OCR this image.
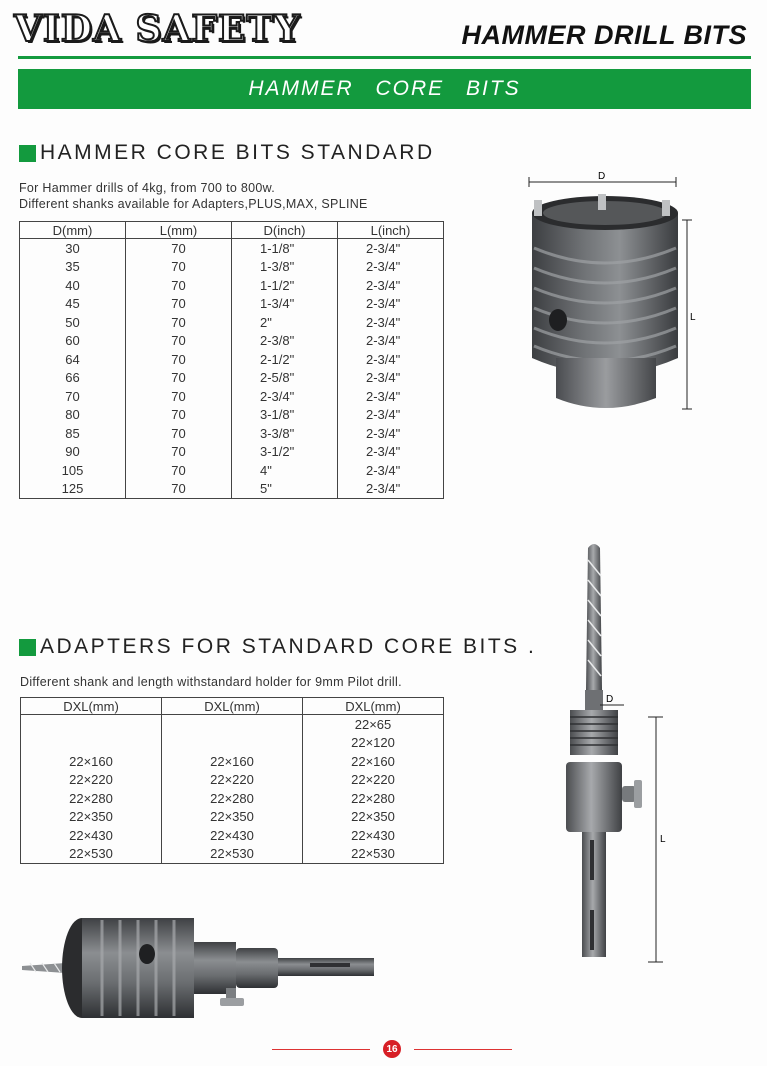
VIDA SAFETY	HAMMER DRILL BITS
HAMMER CORE BITS
HAMMER CORE BITS STANDARD
For Hammer drills of 4kg, from 700 to 800w.
Different shanks available for Adapters,PLUS,MAX, SPLINE
D(mm)	L(mm)	D(inch)	L(inch)
30	70	1-1/8"	2-3/4"
35	70	1-3/8"	2-3/4"
40	70	1-1/2"	2-3/4"
45	70	1-3/4"	2-3/4"
50	70	2"	2-3/4"
60	70	2-3/8"	2-3/4"
64	70	2-1/2"	2-3/4"
66	70	2-5/8"	2-3/4"
70	70	2-3/4"	2-3/4"
80	70	3-1/8"	2-3/4"
85	70	3-3/8"	2-3/4"
90	70	3-1/2"	2-3/4"
105	70	4"	2-3/4"
125	70	5"	2-3/4"
D
L
ADAPTERS FOR STANDARD CORE BITS .
Different shank and length withstandard holder for 9mm Pilot drill.
DXL(mm)	DXL(mm)	DXL(mm)
		22×65
		22×120
22×160	22×160	22×160
22×220	22×220	22×220
22×280	22×280	22×280
22×350	22×350	22×350
22×430	22×430	22×430
22×530	22×530	22×530
D
L
16
